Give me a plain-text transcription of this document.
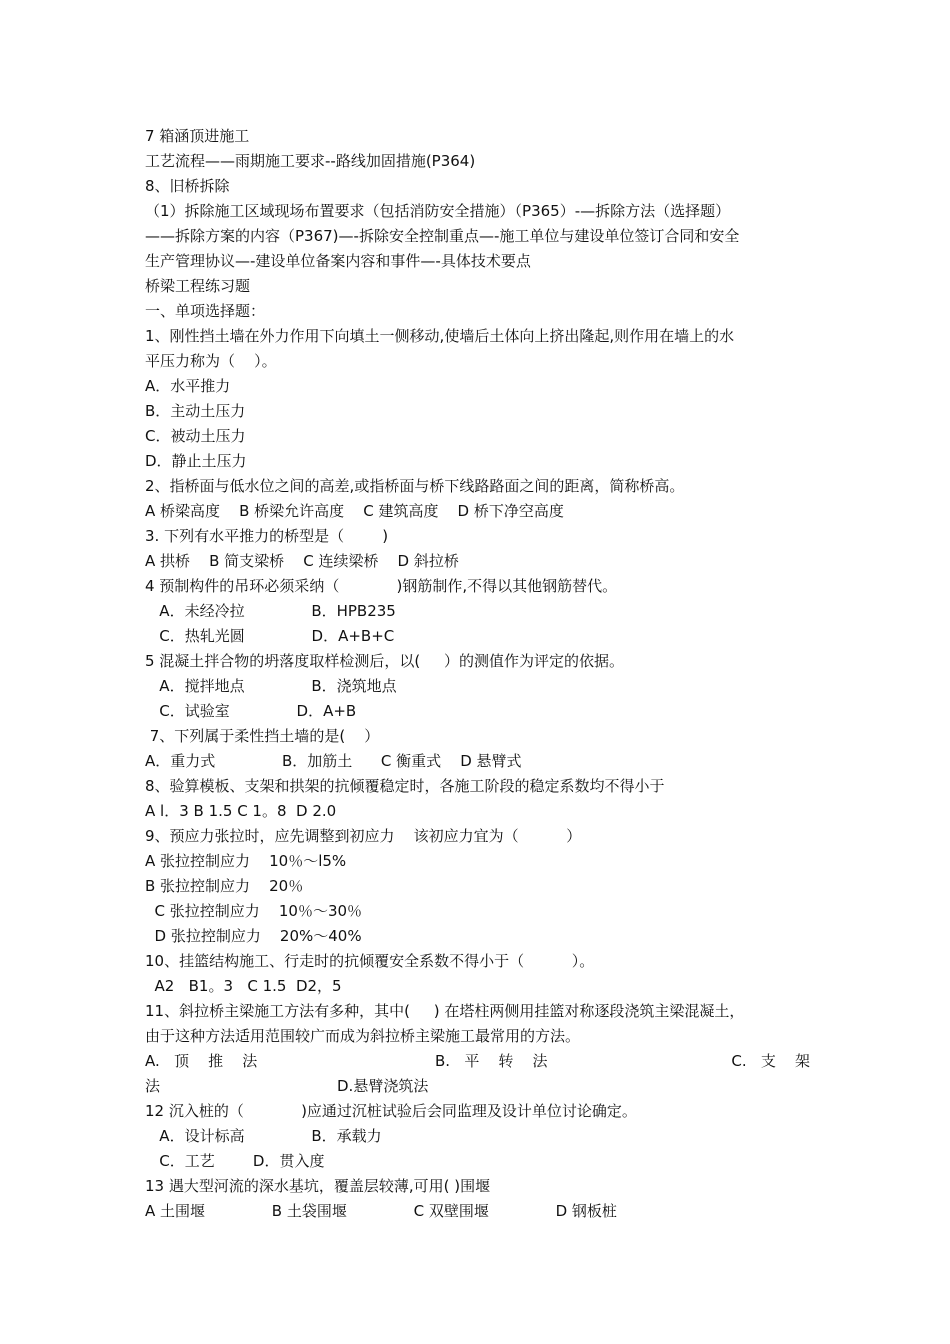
7 箱涵顶进施工
工艺流程——雨期施工要求--路线加固措施(P364)
8、旧桥拆除
（1）拆除施工区域现场布置要求（包括消防安全措施）（P365）-—拆除方法（选择题）
——拆除方案的内容（P367)—-拆除安全控制重点—-施工单位与建设单位签订合同和安全
生产管理协议—-建设单位备案内容和事件—-具体技术要点
桥梁工程练习题
一、单项选择题：
1、刚性挡土墙在外力作用下向填土一侧移动,使墙后土体向上挤出隆起,则作用在墙上的水
平压力称为（    ）。
A．水平推力
B．主动土压力
C．被动土压力
D．静止土压力
2、指桥面与低水位之间的高差,或指桥面与桥下线路路面之间的距离，简称桥高。
A 桥梁高度    B 桥梁允许高度    C 建筑高度    D 桥下净空高度
3. 下列有水平推力的桥型是（        )
A 拱桥    B 简支梁桥    C 连续梁桥    D 斜拉桥
4 预制构件的吊环必须采纳（            )钢筋制作,不得以其他钢筋替代。
A．未经冷拉              B．HPB235
C．热轧光圆              D．A+B+C
5 混凝土拌合物的坍落度取样检测后，以(     ）的测值作为评定的依据。
A．搅拌地点              B．浇筑地点
C．试验室              D．A+B
7、下列属于柔性挡土墙的是(    ）
A．重力式              B．加筋土      C 衡重式    D 悬臂式
8、验算模板、支架和拱架的抗倾覆稳定时，各施工阶段的稳定系数均不得小于
A l．3 B 1.5 C 1。8  D 2.0
9、预应力张拉时，应先调整到初应力    该初应力宜为（          ）
A 张拉控制应力    10％～l5%
B 张拉控制应力    20％
C 张拉控制应力    10％～30％
D 张拉控制应力    20%～40%
10、挂篮结构施工、行走时的抗倾覆安全系数不得小于（          ）。
A2   B1。3   C 1.5  D2，5
11、斜拉桥主梁施工方法有多种，其中(     ) 在塔柱两侧用挂篮对称逐段浇筑主梁混凝土，
由于这种方法适用范围较广而成为斜拉桥主梁施工最常用的方法。
A.   顶    推    法	B.   平    转    法	C.   支    架
法	D.悬臂浇筑法
12 沉入桩的（            )应通过沉桩试验后会同监理及设计单位讨论确定。
A．设计标高              B．承载力
C．工艺        D．贯入度
13 遇大型河流的深水基坑，覆盖层较薄,可用( )围堰
A 土围堰              B 土袋围堰              C 双壁围堰              D 钢板桩
